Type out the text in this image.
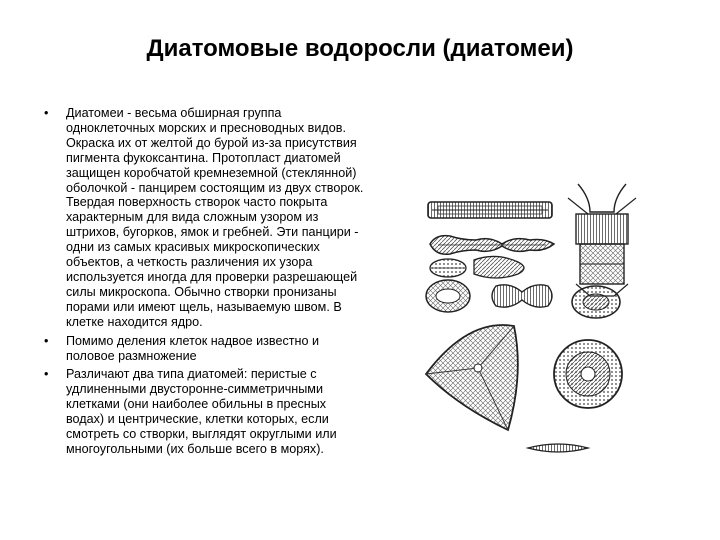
Диатомовые водоросли (диатомеи)
• Диатомеи - весьма обширная группа одноклеточных морских и пресноводных видов. Окраска их от желтой до бурой из-за присутствия пигмента фукоксантина. Протопласт диатомей защищен коробчатой кремнеземной (стеклянной) оболочкой - панцирем состоящим из двух створок. Твердая поверхность створок часто покрыта характерным для вида сложным узором из штрихов, бугорков, ямок и гребней. Эти панцири - одни из самых красивых микроскопических объектов, а четкость различения их узора используется иногда для проверки разрешающей силы микроскопа. Обычно створки пронизаны порами или имеют щель, называемую швом. В клетке находится ядро.
• Помимо деления клеток надвое известно и половое размножение
• Различают два типа диатомей: перистые с удлиненными двусторонне-симметричными клетками (они наиболее обильны в пресных водах) и центрические, клетки которых, если смотреть со створки, выглядят округлыми или многоугольными (их больше всего в морях).
